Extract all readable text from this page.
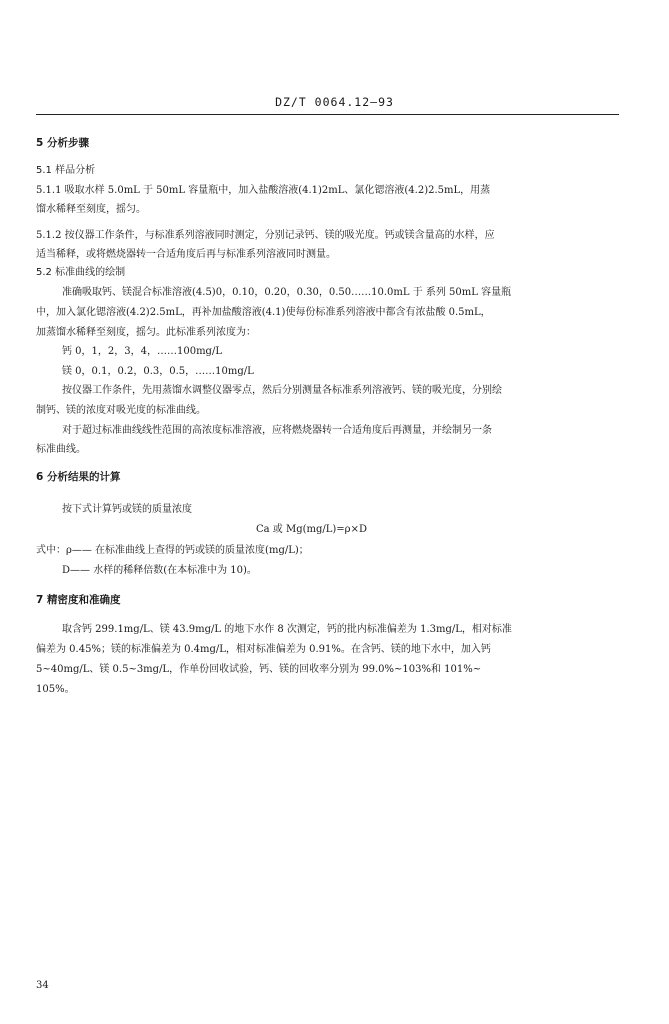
DZ/T 0064.12—93
5 分析步骤
5.1 样品分析
5.1.1 吸取水样 5.0mL 于 50mL 容量瓶中，加入盐酸溶液(4.1)2mL、氯化锶溶液(4.2)2.5mL，用蒸
馏水稀释至刻度，摇匀。
5.1.2 按仪器工作条件，与标准系列溶液同时测定，分别记录钙、镁的吸光度。钙或镁含量高的水样，应
适当稀释，或将燃烧器转一合适角度后再与标准系列溶液同时测量。
5.2 标准曲线的绘制
准确吸取钙、镁混合标准溶液(4.5)0，0.10，0.20，0.30，0.50……10.0mL 于 系列 50mL 容量瓶
中，加入氯化锶溶液(4.2)2.5mL，再补加盐酸溶液(4.1)使每份标准系列溶液中都含有浓盐酸 0.5mL，
加蒸馏水稀释至刻度，摇匀。此标准系列浓度为：
钙 0，1，2，3，4，……100mg/L
镁 0，0.1，0.2，0.3，0.5，……10mg/L
按仪器工作条件，先用蒸馏水调整仪器零点，然后分别测量各标准系列溶液钙、镁的吸光度，分别绘
制钙、镁的浓度对吸光度的标准曲线。
对于超过标准曲线线性范围的高浓度标准溶液，应将燃烧器转一合适角度后再测量，并绘制另一条
标准曲线。
6 分析结果的计算
按下式计算钙或镁的质量浓度
Ca 或 Mg(mg/L)=ρ×D
式中：ρ—— 在标准曲线上查得的钙或镁的质量浓度(mg/L)；
D—— 水样的稀释倍数(在本标准中为 10)。
7 精密度和准确度
取含钙 299.1mg/L、镁 43.9mg/L 的地下水作 8 次测定，钙的批内标准偏差为 1.3mg/L，相对标准
偏差为 0.45%；镁的标准偏差为 0.4mg/L，相对标准偏差为 0.91%。在含钙、镁的地下水中，加入钙
5~40mg/L、镁 0.5~3mg/L，作单份回收试验，钙、镁的回收率分别为 99.0%~103%和 101%~
105%。
34
